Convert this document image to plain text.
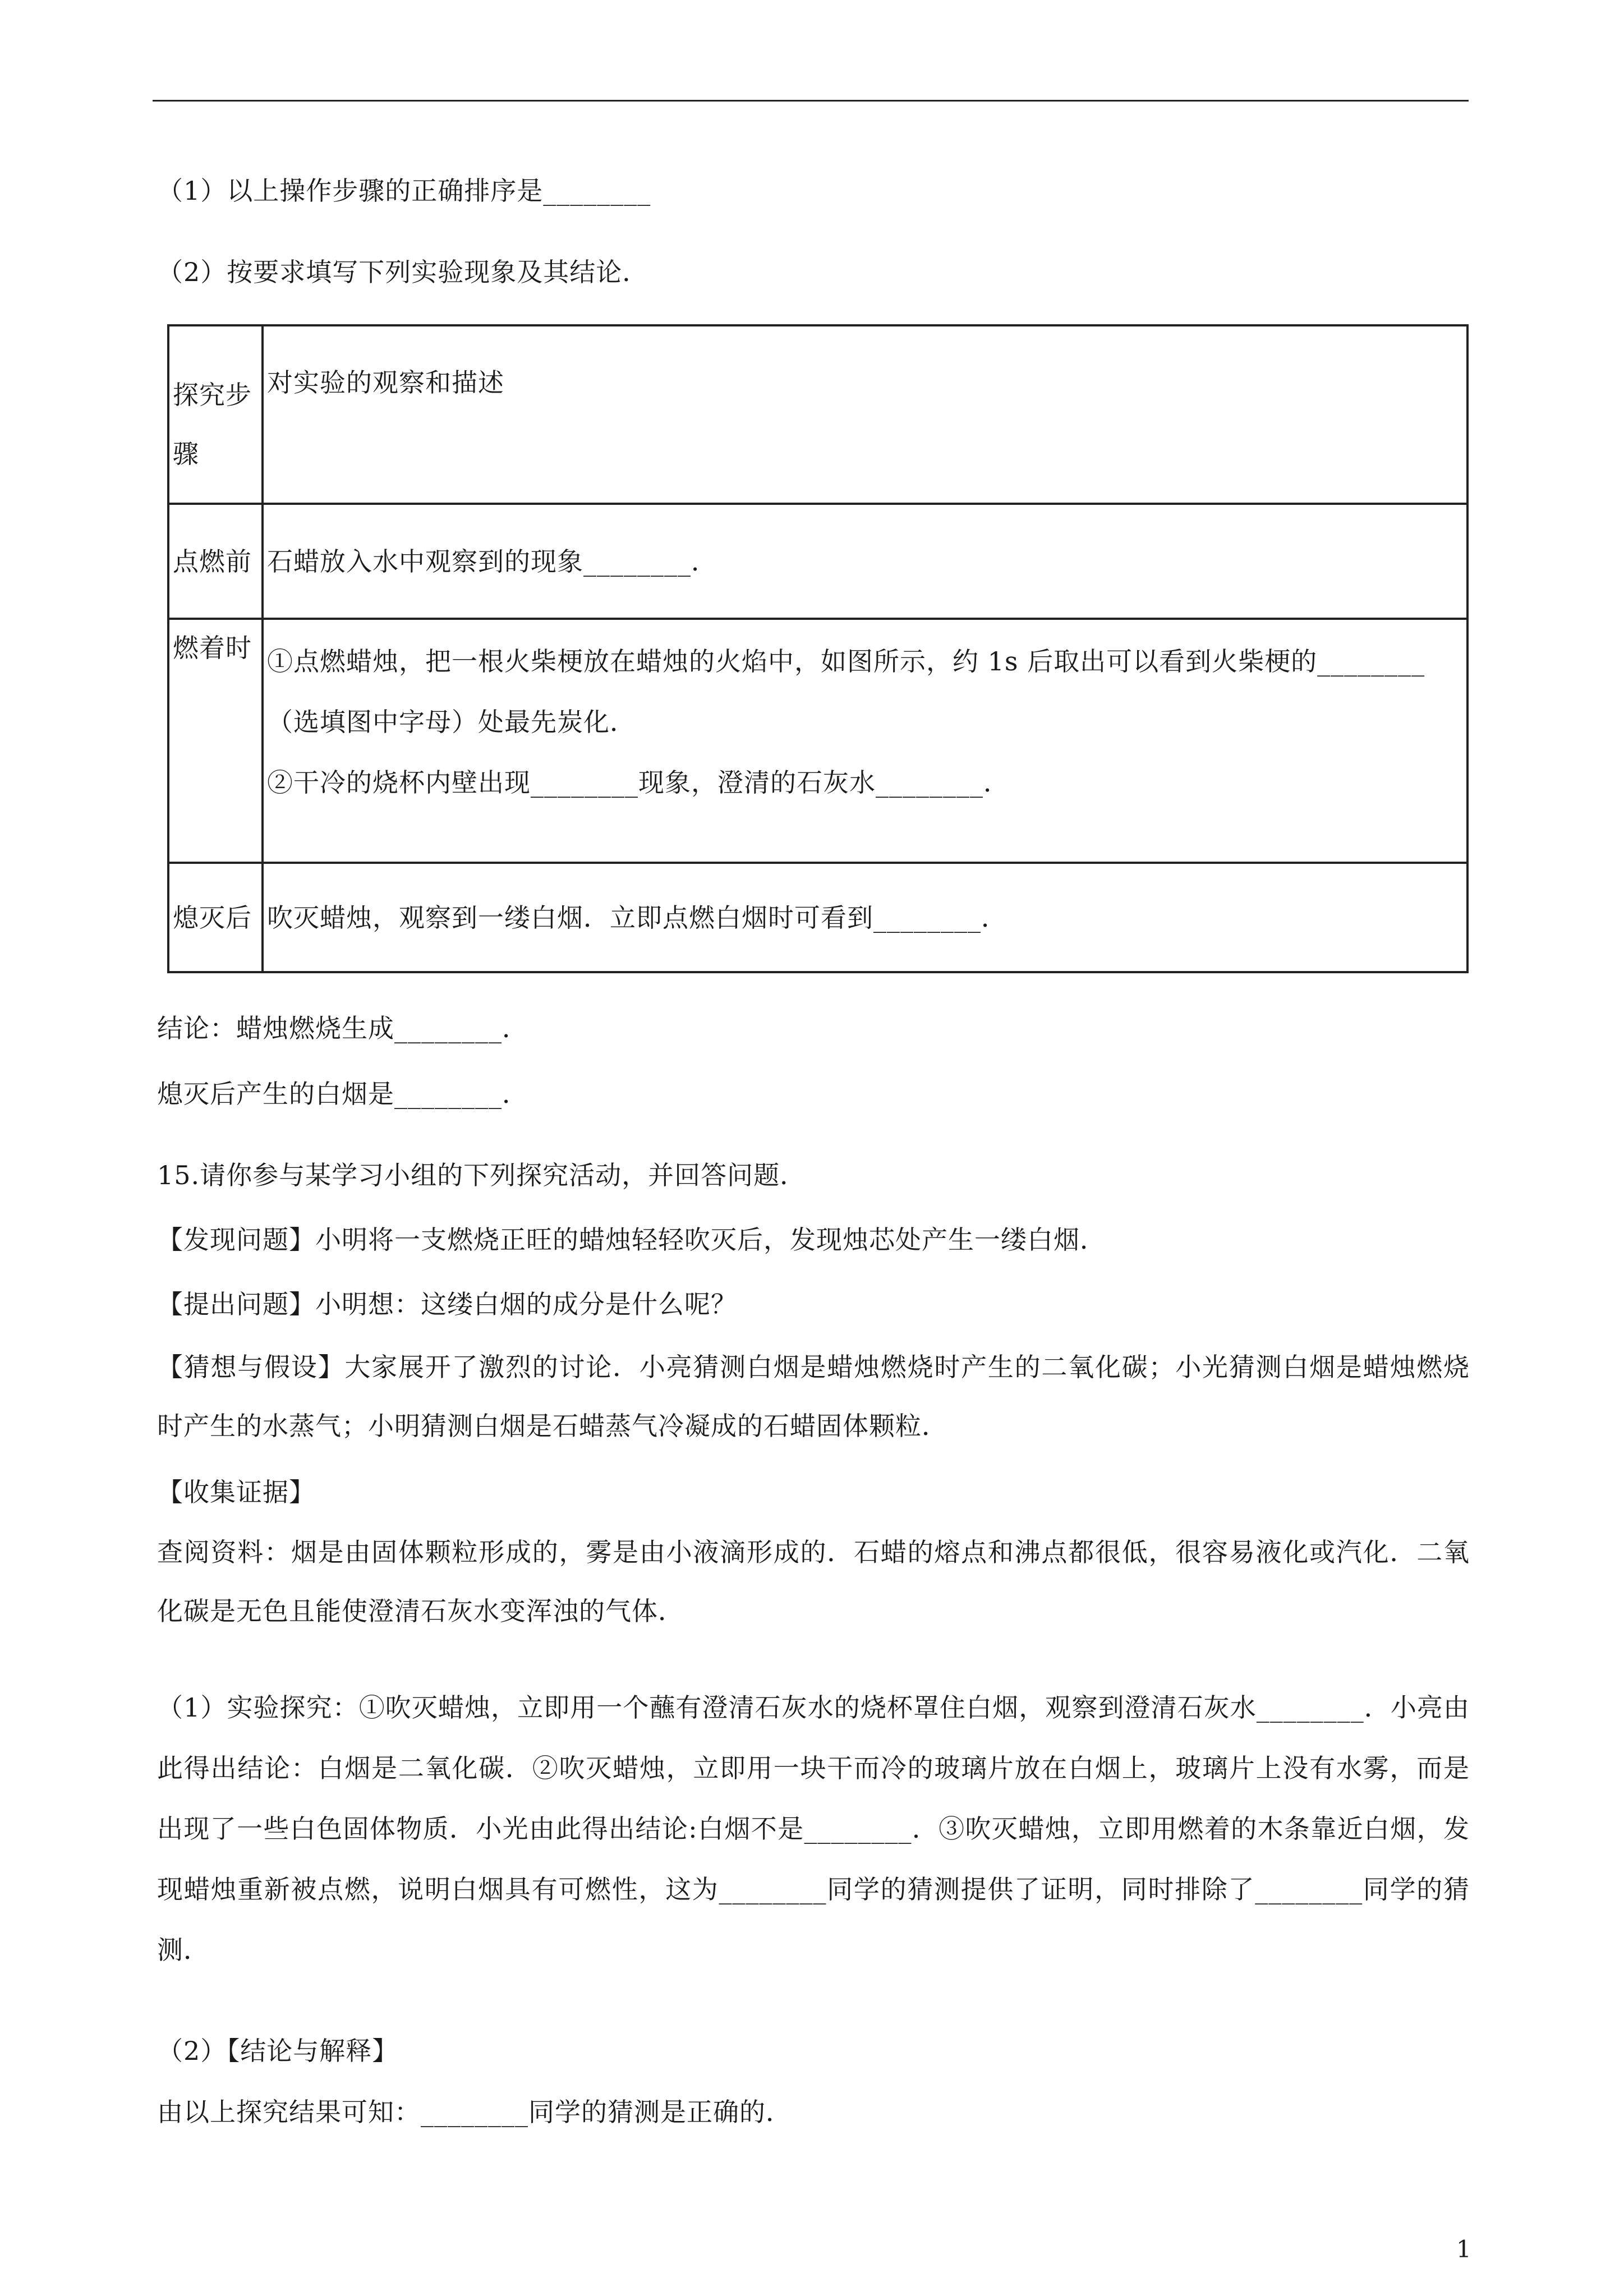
（1）以上操作步骤的正确排序是________
（2）按要求填写下列实验现象及其结论．
探究步骤	对实验的观察和描述
点燃前	石蜡放入水中观察到的现象________．

燃着时	①点燃蜡烛，把一根火柴梗放在蜡烛的火焰中，如图所示，约 1s 后取出可以看到火柴梗的________
（选填图中字母）处最先炭化．
②干冷的烧杯内壁出现________现象，澄清的石灰水________．

熄灭后	吹灭蜡烛，观察到一缕白烟．立即点燃白烟时可看到________．
结论：蜡烛燃烧生成________．
熄灭后产生的白烟是________．
15.请你参与某学习小组的下列探究活动，并回答问题．
【发现问题】小明将一支燃烧正旺的蜡烛轻轻吹灭后，发现烛芯处产生一缕白烟．
【提出问题】小明想：这缕白烟的成分是什么呢？
【猜想与假设】大家展开了激烈的讨论．小亮猜测白烟是蜡烛燃烧时产生的二氧化碳；小光猜测白烟是蜡烛燃烧时产生的水蒸气；小明猜测白烟是石蜡蒸气冷凝成的石蜡固体颗粒．
【收集证据】
查阅资料：烟是由固体颗粒形成的，雾是由小液滴形成的．石蜡的熔点和沸点都很低，很容易液化或汽化．二氧化碳是无色且能使澄清石灰水变浑浊的气体．
（1）实验探究：①吹灭蜡烛，立即用一个蘸有澄清石灰水的烧杯罩住白烟，观察到澄清石灰水________．小亮由此得出结论：白烟是二氧化碳．②吹灭蜡烛，立即用一块干而冷的玻璃片放在白烟上，玻璃片上没有水雾，而是出现了一些白色固体物质．小光由此得出结论:白烟不是________．③吹灭蜡烛，立即用燃着的木条靠近白烟，发现蜡烛重新被点燃，说明白烟具有可燃性，这为________同学的猜测提供了证明，同时排除了________同学的猜测．
（2）【结论与解释】
由以上探究结果可知：________同学的猜测是正确的．
1
